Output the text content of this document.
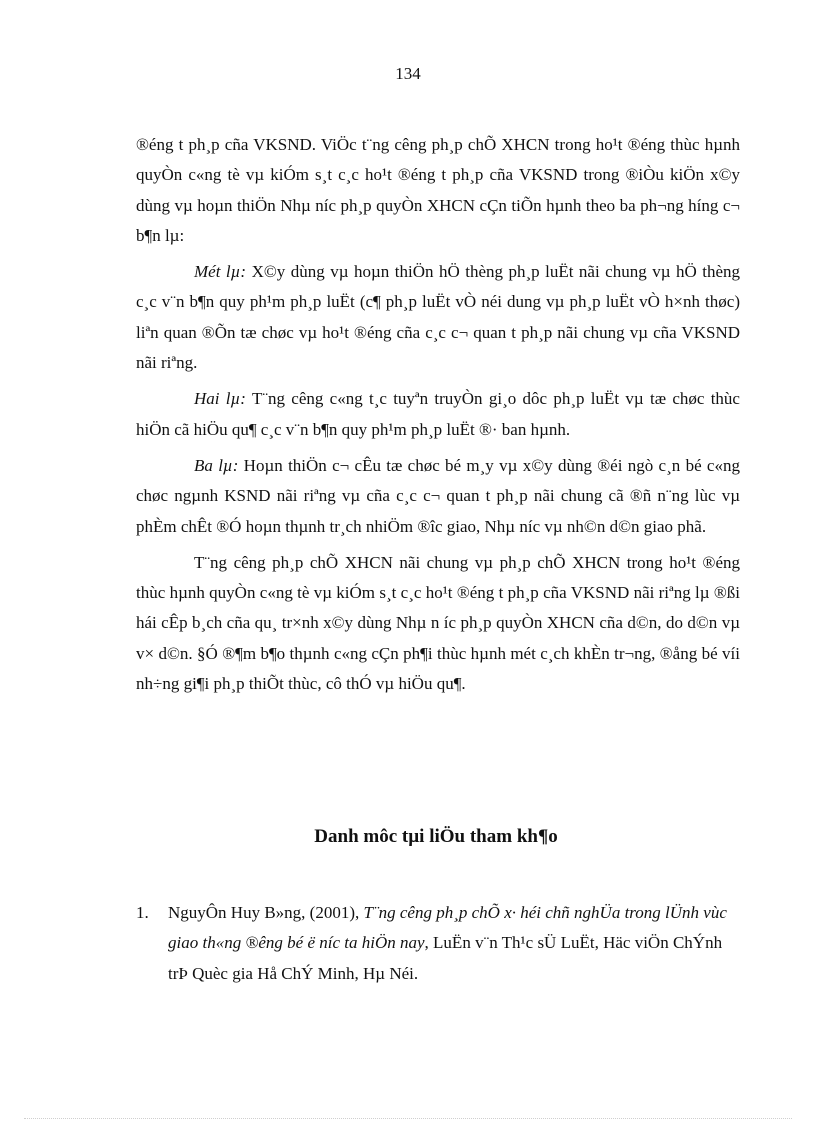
134

®éng t ph¸p cña VKSND. ViÖc t¨ng cêng ph¸p chÕ XHCN trong ho¹t ®éng thùc hµnh quyÒn c«ng tè vµ kiÓm s¸t c¸c ho¹t ®éng t ph¸p cña VKSND trong ®iÒu kiÖn x©y dùng vµ hoµn thiÖn Nhµ níc ph¸p quyÒn XHCN cÇn tiÕn hµnh theo ba ph¬ng híng c¬ b¶n lµ:

Mét lµ: X©y dùng vµ hoµn thiÖn hÖ thèng ph¸p luËt nãi chung vµ hÖ thèng c¸c v¨n b¶n quy ph¹m ph¸p luËt (c¶ ph¸p luËt vÒ néi dung vµ ph¸p luËt vÒ h×nh thøc) liªn quan ®Õn tæ chøc vµ ho¹t ®éng cña c¸c c¬ quan t ph¸p nãi chung vµ cña VKSND nãi riªng.

Hai lµ: T¨ng cêng c«ng t¸c tuyªn truyÒn gi¸o dôc ph¸p luËt vµ tæ chøc thùc hiÖn cã hiÖu qu¶ c¸c v¨n b¶n quy ph¹m ph¸p luËt ®· ban hµnh.

Ba lµ: Hoµn thiÖn c¬ cÊu tæ chøc bé m¸y vµ x©y dùng ®éi ngò c¸n bé c«ng chøc ngµnh KSND nãi riªng vµ cña c¸c c¬ quan t ph¸p nãi chung cã ®ñ n¨ng lùc vµ phÈm chÊt ®Ó hoµn thµnh tr¸ch nhiÖm ®îc giao, Nhµ níc vµ nh©n d©n giao phã.

T¨ng cêng ph¸p chÕ XHCN nãi chung vµ ph¸p chÕ XHCN trong ho¹t ®éng thùc hµnh quyÒn c«ng tè vµ kiÓm s¸t c¸c ho¹t ®éng t ph¸p cña VKSND nãi riªng lµ ®ßi hái cÊp b¸ch cña qu¸ tr×nh x©y dùng Nhµ n íc ph¸p quyÒn XHCN cña d©n, do d©n vµ v× d©n. §Ó ®¶m b¶o thµnh c«ng cÇn ph¶i thùc hµnh mét c¸ch khÈn tr¬ng, ®ång bé víi nh÷ng gi¶i ph¸p thiÕt thùc, cô thÓ vµ hiÖu qu¶.

Danh môc tµi liÖu tham kh¶o
1. NguyÔn Huy B»ng, (2001), T¨ng cêng ph¸p chÕ x· héi chñ nghÜa trong lÜnh vùc giao th«ng ®êng bé ë níc ta hiÖn nay, LuËn v¨n Th¹c sÜ LuËt, Häc viÖn ChÝnh trÞ Quèc gia Hå ChÝ Minh, Hµ Néi.
